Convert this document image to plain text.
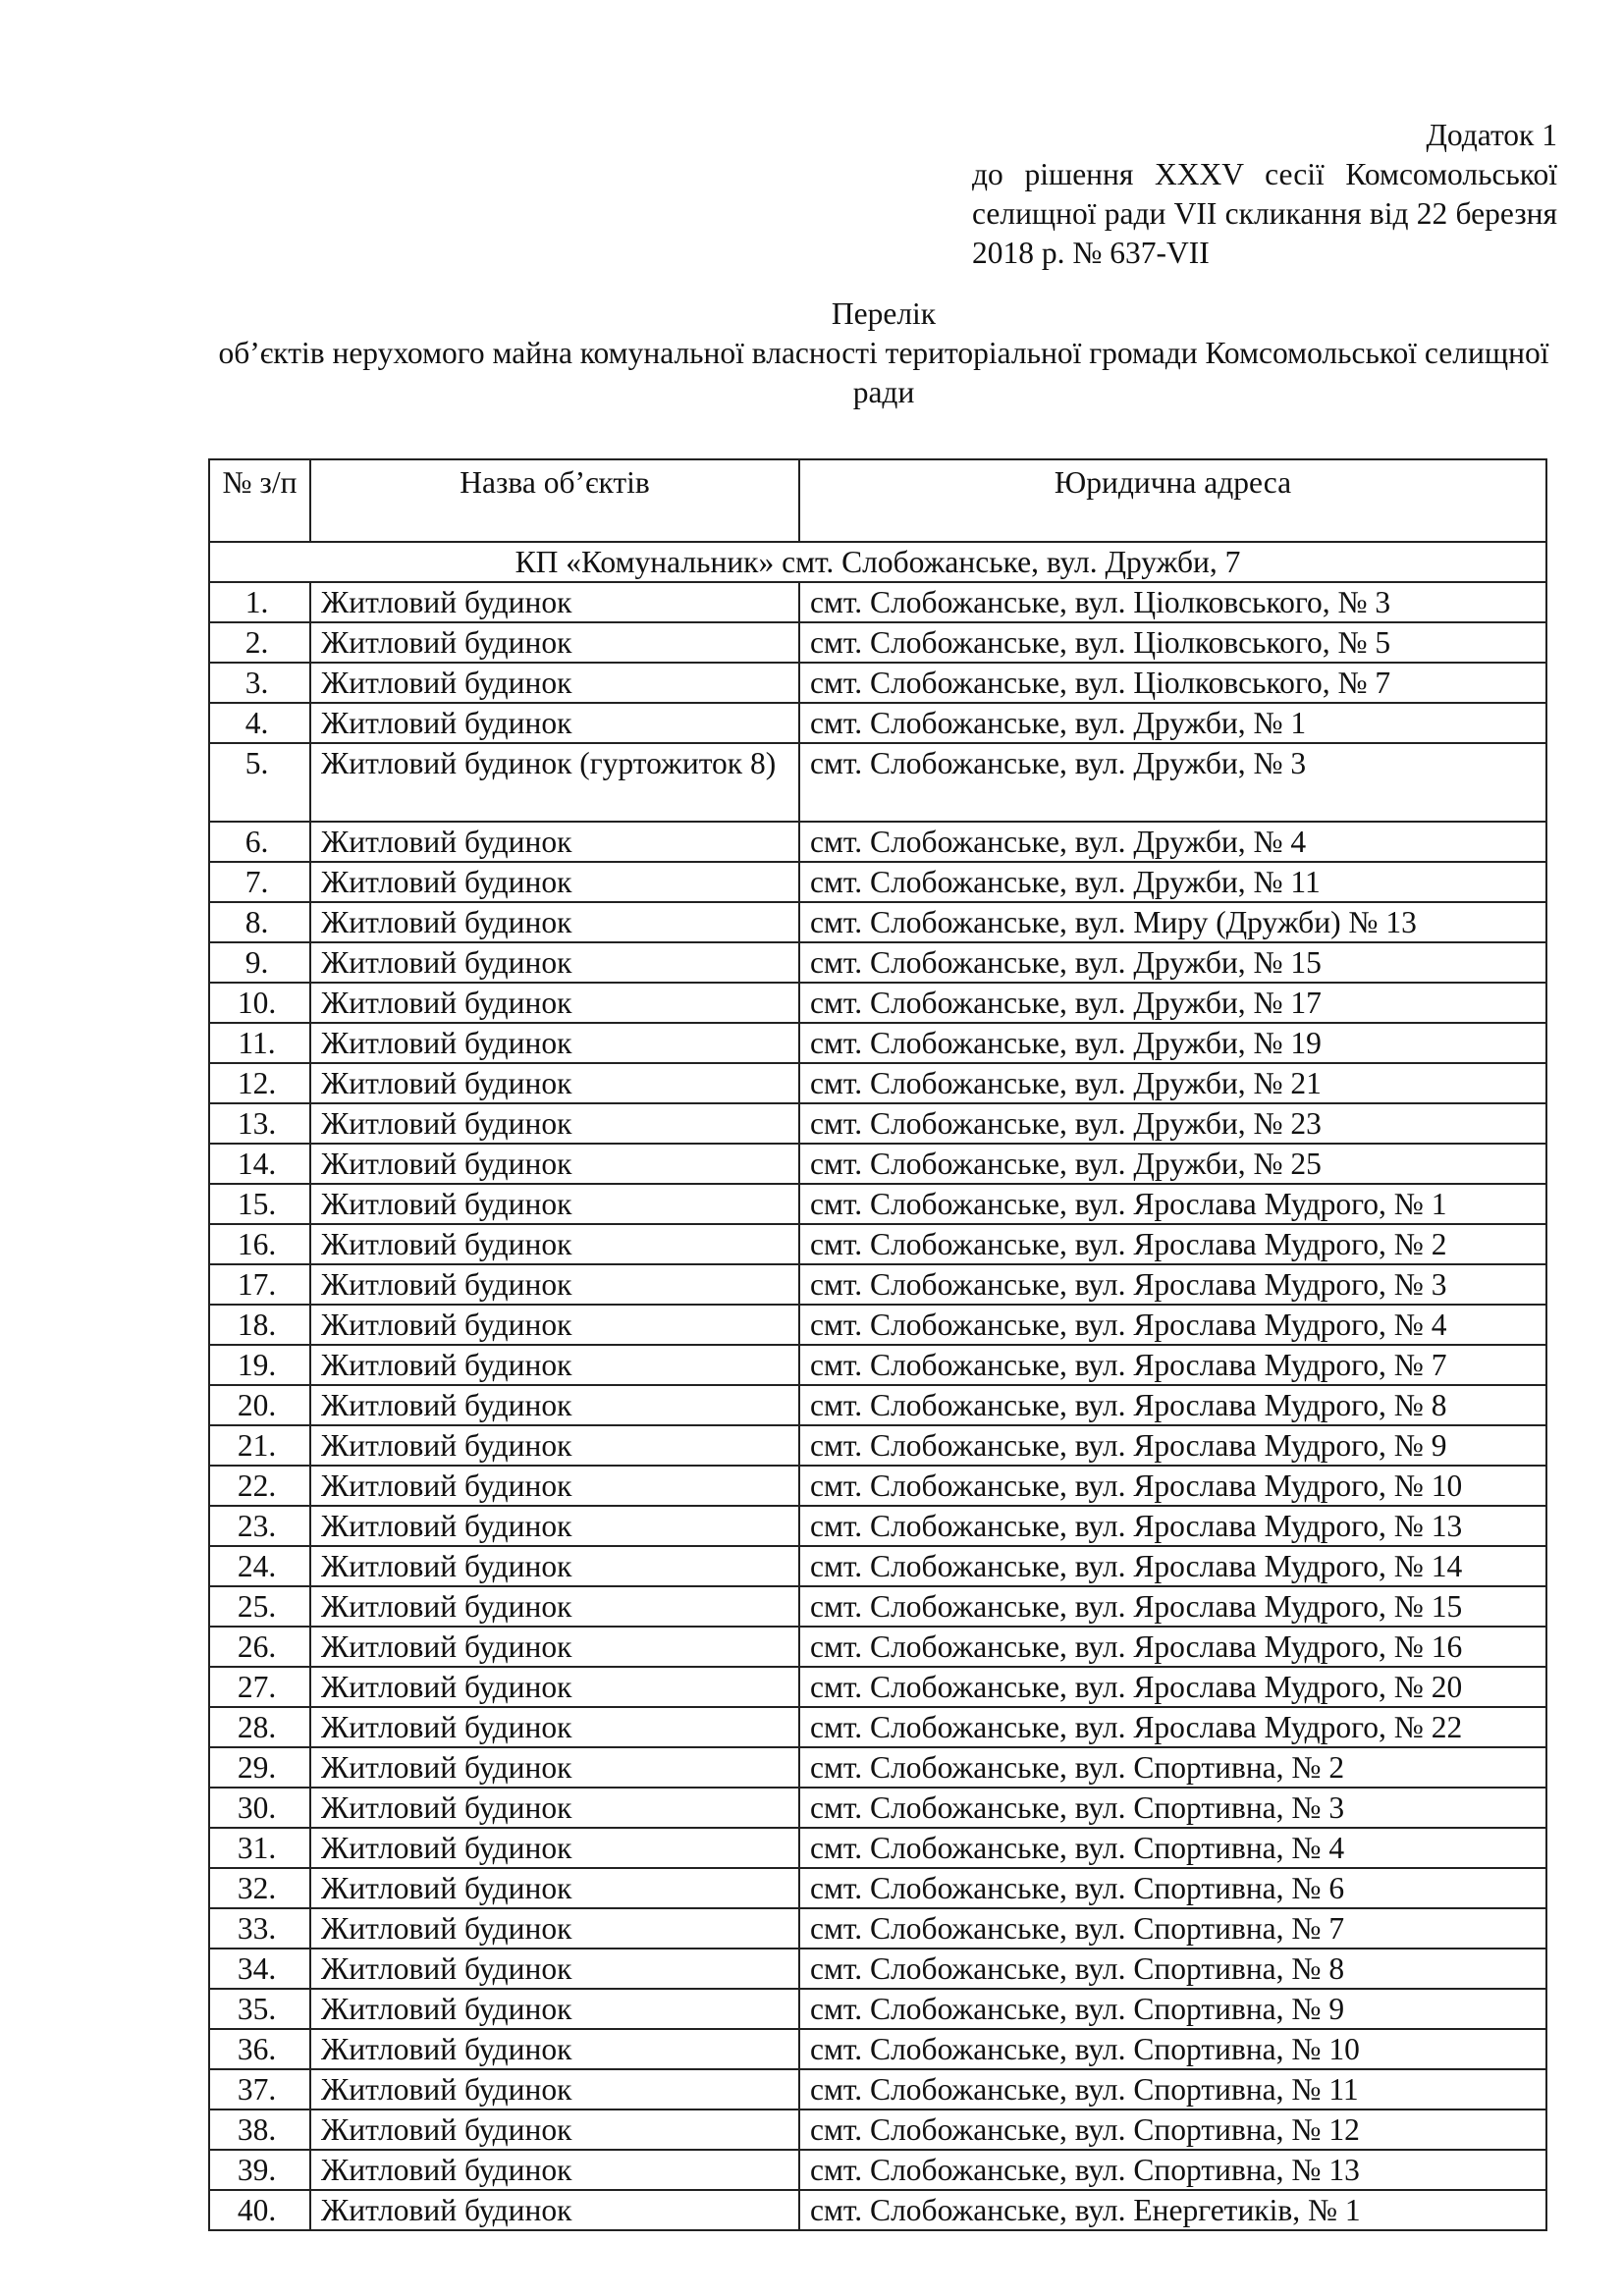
Додаток 1
до рішення XXXV сесії Комсомольської селищної ради VII скликання від 22 березня 2018 р. № 637-VII
Перелік
об’єктів нерухомого майна комунальної власності територіальної громади Комсомольської селищної ради
№ з/п	Назва об’єктів	Юридична адреса
КП «Комунальник» смт. Слобожанське, вул. Дружби, 7		
1.	Житловий будинок	смт. Слобожанське, вул. Ціолковського, № 3
2.	Житловий будинок	смт. Слобожанське, вул. Ціолковського, № 5
3.	Житловий будинок	смт. Слобожанське, вул. Ціолковського, № 7
4.	Житловий будинок	смт. Слобожанське, вул. Дружби, № 1
5.	Житловий будинок (гуртожиток 8)	смт. Слобожанське, вул. Дружби, № 3
6.	Житловий будинок	смт. Слобожанське, вул. Дружби, № 4
7.	Житловий будинок	смт. Слобожанське, вул. Дружби, № 11
8.	Житловий будинок	смт. Слобожанське, вул. Миру (Дружби) № 13
9.	Житловий будинок	смт. Слобожанське, вул. Дружби, № 15
10.	Житловий будинок	смт. Слобожанське, вул. Дружби, № 17
11.	Житловий будинок	смт. Слобожанське, вул. Дружби, № 19
12.	Житловий будинок	смт. Слобожанське, вул. Дружби, № 21
13.	Житловий будинок	смт. Слобожанське, вул. Дружби, № 23
14.	Житловий будинок	смт. Слобожанське, вул. Дружби, № 25
15.	Житловий будинок	смт. Слобожанське, вул. Ярослава Мудрого, № 1
16.	Житловий будинок	смт. Слобожанське, вул. Ярослава Мудрого, № 2
17.	Житловий будинок	смт. Слобожанське, вул. Ярослава Мудрого, № 3
18.	Житловий будинок	смт. Слобожанське, вул. Ярослава Мудрого, № 4
19.	Житловий будинок	смт. Слобожанське, вул. Ярослава Мудрого, № 7
20.	Житловий будинок	смт. Слобожанське, вул. Ярослава Мудрого, № 8
21.	Житловий будинок	смт. Слобожанське, вул. Ярослава Мудрого, № 9
22.	Житловий будинок	смт. Слобожанське, вул. Ярослава Мудрого, № 10
23.	Житловий будинок	смт. Слобожанське, вул. Ярослава Мудрого, № 13
24.	Житловий будинок	смт. Слобожанське, вул. Ярослава Мудрого, № 14
25.	Житловий будинок	смт. Слобожанське, вул. Ярослава Мудрого, № 15
26.	Житловий будинок	смт. Слобожанське, вул. Ярослава Мудрого, № 16
27.	Житловий будинок	смт. Слобожанське, вул. Ярослава Мудрого, № 20
28.	Житловий будинок	смт. Слобожанське, вул. Ярослава Мудрого, № 22
29.	Житловий будинок	смт. Слобожанське, вул. Спортивна, № 2
30.	Житловий будинок	смт. Слобожанське, вул. Спортивна, № 3
31.	Житловий будинок	смт. Слобожанське, вул. Спортивна, № 4
32.	Житловий будинок	смт. Слобожанське, вул. Спортивна, № 6
33.	Житловий будинок	смт. Слобожанське, вул. Спортивна, № 7
34.	Житловий будинок	смт. Слобожанське, вул. Спортивна, № 8
35.	Житловий будинок	смт. Слобожанське, вул. Спортивна, № 9
36.	Житловий будинок	смт. Слобожанське, вул. Спортивна, № 10
37.	Житловий будинок	смт. Слобожанське, вул. Спортивна, № 11
38.	Житловий будинок	смт. Слобожанське, вул. Спортивна, № 12
39.	Житловий будинок	смт. Слобожанське, вул. Спортивна, № 13
40.	Житловий будинок	смт. Слобожанське, вул. Енергетиків, № 1
